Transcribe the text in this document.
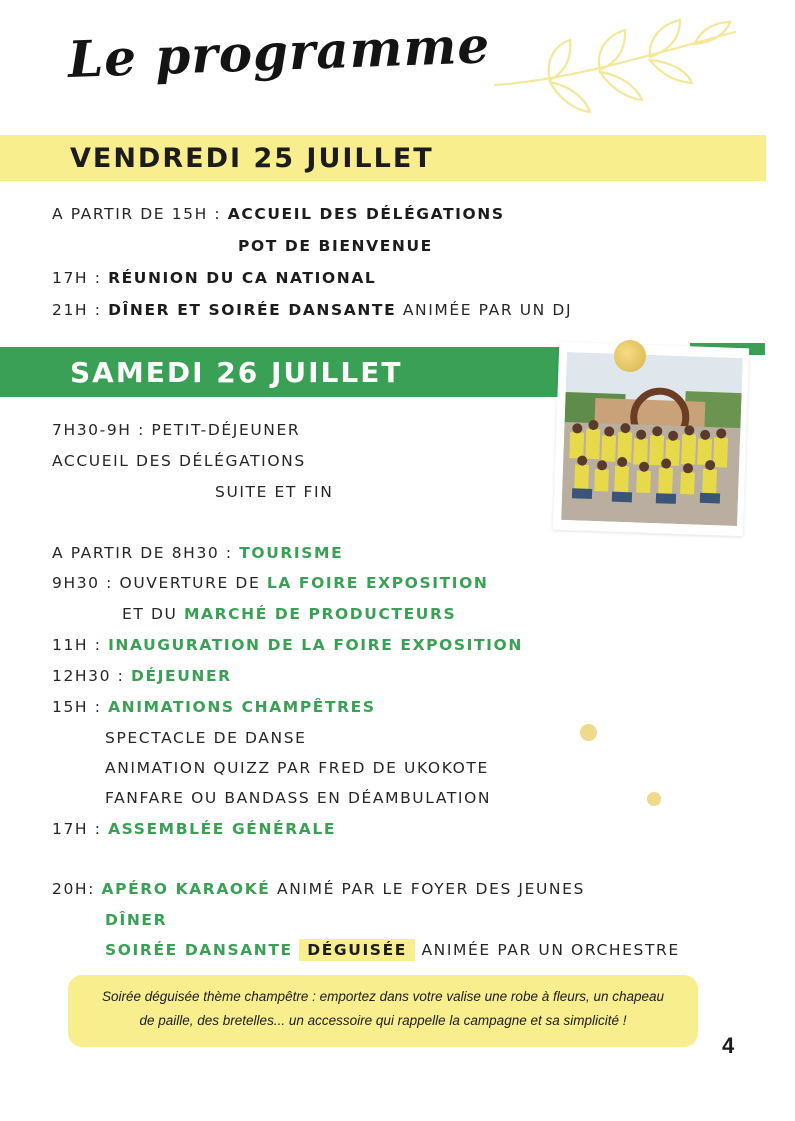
Le programme
VENDREDI 25 JUILLET
A PARTIR DE 15H : ACCUEIL DES DÉLÉGATIONS
POT DE BIENVENUE
17H : RÉUNION DU CA NATIONAL
21H : DÎNER ET SOIRÉE DANSANTE ANIMÉE PAR UN DJ
SAMEDI 26 JUILLET
7H30-9H : PETIT-DÉJEUNER
ACCUEIL DES DÉLÉGATIONS
SUITE ET FIN
A PARTIR DE 8H30 : TOURISME
9H30 : OUVERTURE DE LA FOIRE EXPOSITION
ET DU MARCHÉ DE PRODUCTEURS
11H : INAUGURATION DE LA FOIRE EXPOSITION
12H30 : DÉJEUNER
15H : ANIMATIONS CHAMPÊTRES
SPECTACLE DE DANSE
ANIMATION QUIZZ PAR FRED DE UKOKOTE
FANFARE OU BANDASS EN DÉAMBULATION
17H : ASSEMBLÉE GÉNÉRALE
20H: APÉRO KARAOKÉ ANIMÉ PAR LE FOYER DES JEUNES
DÎNER
SOIRÉE DANSANTE DÉGUISÉE ANIMÉE PAR UN ORCHESTRE
Soirée déguisée thème champêtre : emportez dans votre valise une robe à fleurs, un chapeau
de paille, des bretelles... un accessoire qui rappelle la campagne et sa simplicité !
4
